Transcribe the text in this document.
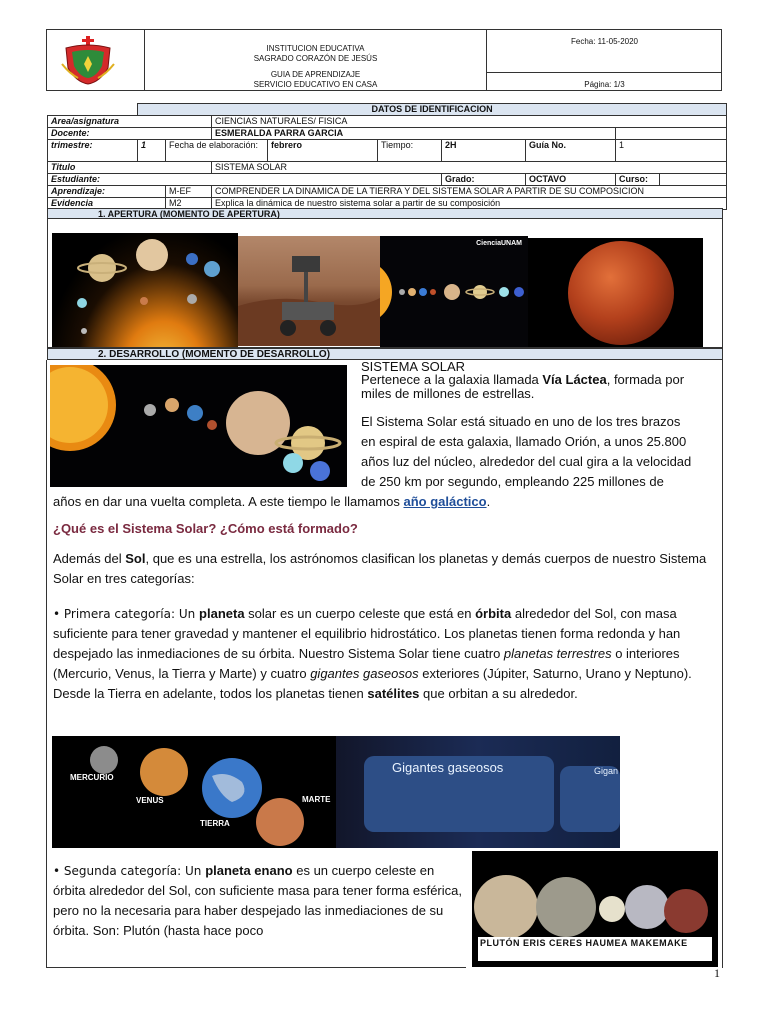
INSTITUCION EDUCATIVA
SAGRADO CORAZÓN DE JESÚS
GUIA DE APRENDIZAJE
SERVICIO EDUCATIVO EN CASA
Fecha: 11-05-2020
Página: 1/3
	DATOS DE IDENTIFICACION								
Area/asignatura			CIENCIAS NATURALES/ FISICA						
Docente:			ESMERALDA PARRA GARCIA						
trimestre:	1	Fecha de elaboración:		febrero	Tiempo:	2H	Guía No.	1	
Titulo			SISTEMA SOLAR						
Estudiante:						Grado:	OCTAVO	Curso:	
Aprendizaje:		M-EF	COMPRENDER LA DINAMICA DE LA TIERRA Y DEL SISTEMA SOLAR A PARTIR DE SU COMPOSICION						
Evidencia		M2	Explica la dinámica de nuestro sistema solar a partir de su composición						
1. APERTURA (MOMENTO DE APERTURA)
CienciaUNAM
2. DESARROLLO (MOMENTO DE DESARROLLO)
SISTEMA SOLAR
Pertenece a la galaxia llamada Vía Láctea, formada por miles de millones de estrellas.
El Sistema Solar está situado en uno de los tres brazos
en espiral de esta galaxia, llamado Orión, a unos 25.800
años luz del núcleo, alrededor del cual gira a la velocidad
de 250 km por segundo, empleando 225 millones de
años en dar una vuelta completa. A este tiempo le llamamos año galáctico.
¿Qué es el Sistema Solar? ¿Cómo está formado?
Además del Sol, que es una estrella, los astrónomos clasifican los planetas y demás cuerpos de nuestro Sistema Solar en tres categorías:
• Primera categoría: Un planeta solar es un cuerpo celeste que está en órbita alrededor del Sol, con masa suficiente para tener gravedad y mantener el equilibrio hidrostático. Los planetas tienen forma redonda y han despejado las inmediaciones de su órbita. Nuestro Sistema Solar tiene cuatro planetas terrestres o interiores (Mercurio, Venus, la Tierra y Marte) y cuatro gigantes gaseosos exteriores (Júpiter, Saturno, Urano y Neptuno). Desde la Tierra en adelante, todos los planetas tienen satélites que orbitan a su alrededor.
MERCURIO
VENUS
TIERRA
MARTE
Gigantes gaseosos	Gigan
• Segunda categoría: Un planeta enano es un cuerpo celeste en órbita alrededor del Sol, con suficiente masa para tener forma esférica, pero no la necesaria para haber despejado las inmediaciones de su órbita. Son: Plutón (hasta hace poco
PLUTÓN ERIS CERES HAUMEA MAKEMAKE
1
